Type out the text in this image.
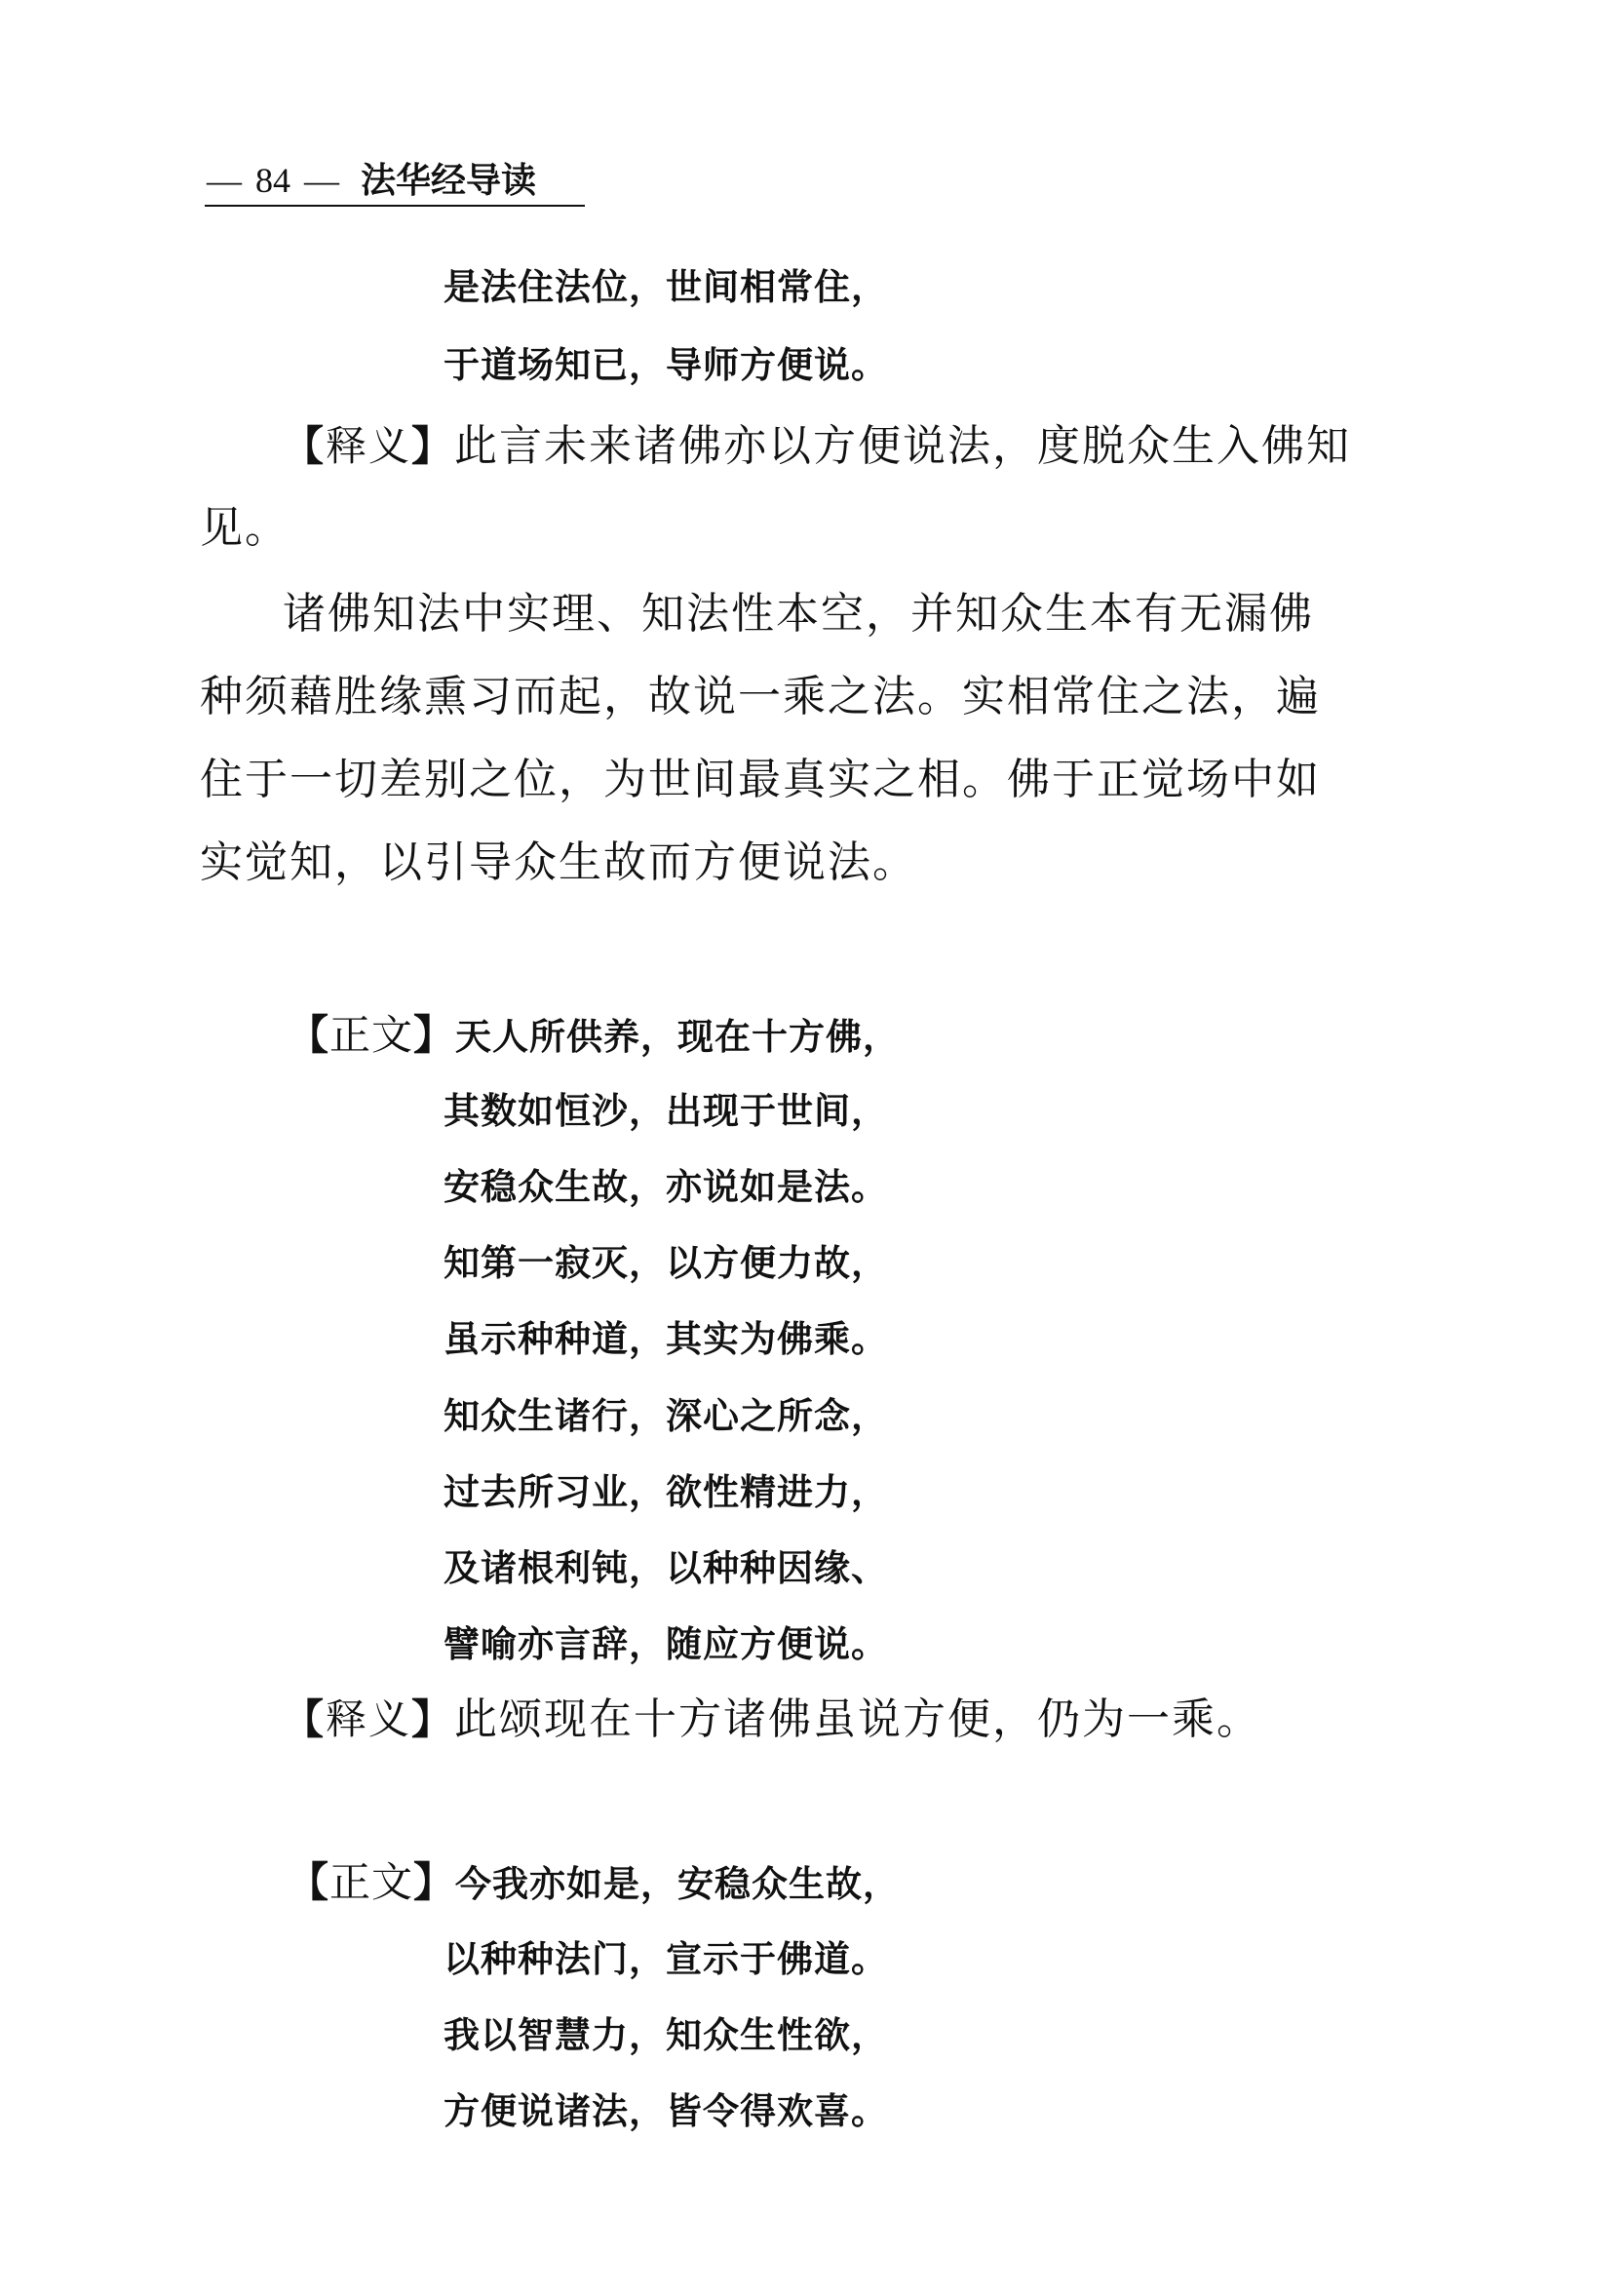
— 84 — 法华经导读
是法住法位，世间相常住，
于道场知已，导师方便说。
【释义】此言未来诸佛亦以方便说法，度脱众生入佛知
见。
诸佛知法中实理、知法性本空，并知众生本有无漏佛
种须藉胜缘熏习而起，故说一乘之法。实相常住之法，遍
住于一切差别之位，为世间最真实之相。佛于正觉场中如
实觉知，以引导众生故而方便说法。
【正文】天人所供养，现在十方佛，
其数如恒沙，出现于世间，
安稳众生故，亦说如是法。
知第一寂灭，以方便力故，
虽示种种道，其实为佛乘。
知众生诸行，深心之所念，
过去所习业，欲性精进力，
及诸根利钝，以种种因缘、
譬喻亦言辞，随应方便说。
【释义】此颂现在十方诸佛虽说方便，仍为一乘。
【正文】今我亦如是，安稳众生故，
以种种法门，宣示于佛道。
我以智慧力，知众生性欲，
方便说诸法，皆令得欢喜。
